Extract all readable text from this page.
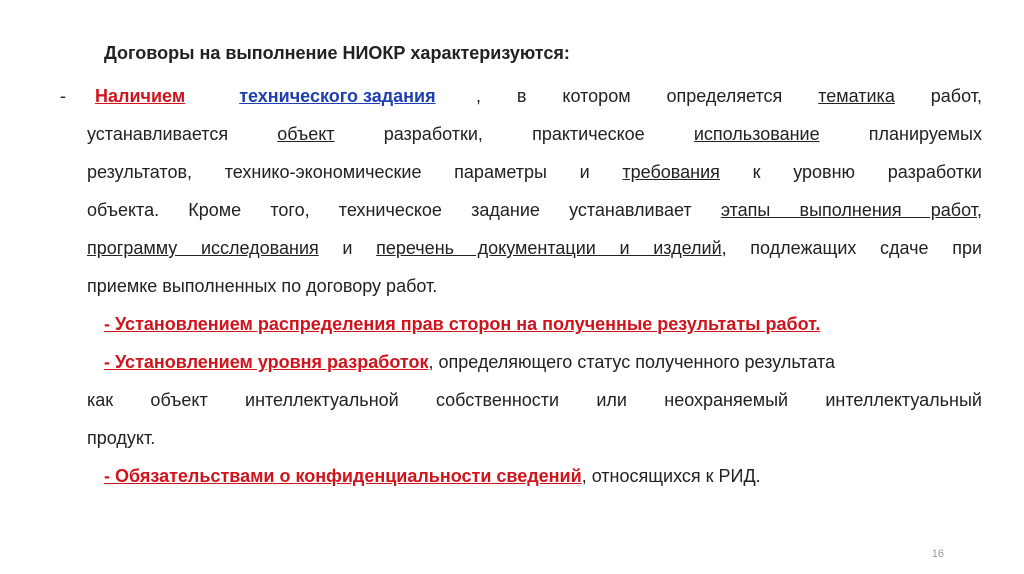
Договоры на выполнение НИОКР характеризуются:
- Наличием	технического задания	, в котором определяется тематика работ,
устанавливается	объект	разработки, практическое	использование	планируемых
результатов, технико-экономические параметры и требования к уровню разработки
объекта. Кроме того, техническое задание устанавливает этапы выполнения работ,
программу исследования и перечень документации и изделий, подлежащих сдаче при
приемке выполненных по договору работ.
- Установлением распределения прав сторон на полученные результаты работ.
- Установлением уровня разработок, определяющего статус полученного результата
как объект интеллектуальной собственности или неохраняемый интеллектуальный
продукт.
- Обязательствами о конфиденциальности сведений, относящихся к РИД.
16
